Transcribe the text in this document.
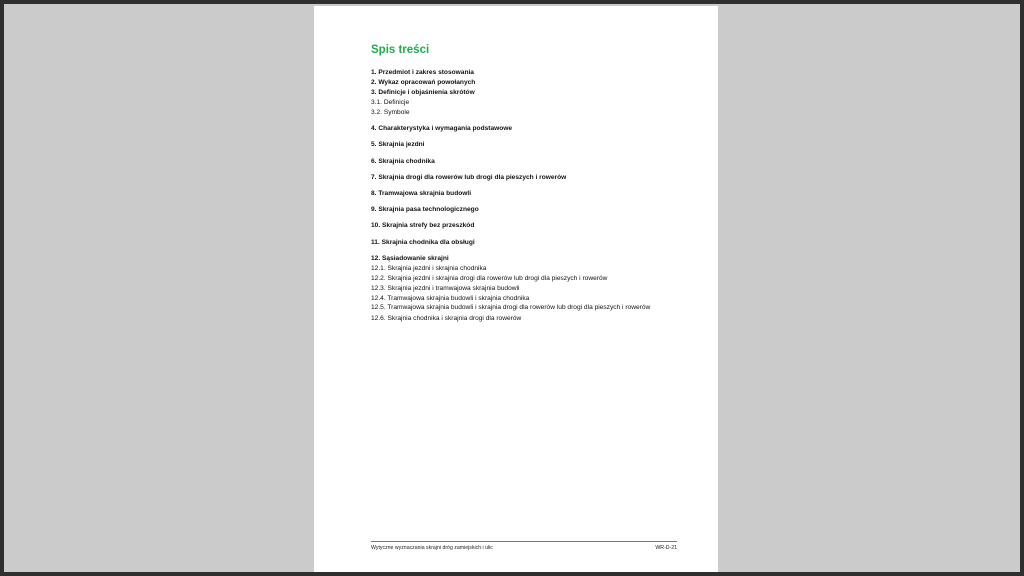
Spis treści
1. Przedmiot i zakres stosowania
2. Wykaz opracowań powołanych
3. Definicje i objaśnienia skrótów
3.1. Definicje
3.2. Symbole
4. Charakterystyka i wymagania podstawowe
5. Skrajnia jezdni
6. Skrajnia chodnika
7. Skrajnia drogi dla rowerów lub drogi dla pieszych i rowerów
8. Tramwajowa skrajnia budowli
9. Skrajnia pasa technologicznego
10. Skrajnia strefy bez przeszkód
11. Skrajnia chodnika dla obsługi
12. Sąsiadowanie skrajni
12.1. Skrajnia jezdni i skrajnia chodnika
12.2. Skrajnia jezdni i skrajnia drogi dla rowerów lub drogi dla pieszych i rowerów
12.3. Skrajnia jezdni i tramwajowa skrajnia budowli
12.4. Tramwajowa skrajnia budowli i skrajnia chodnika
12.5. Tramwajowa skrajnia budowli i skrajnia drogi dla rowerów lub drogi dla pieszych i rowerów
12.6. Skrajnia chodnika i skrajnia drogi dla rowerów
Wytyczne wyznaczania skrajni dróg zamiejskich i ulic	WR-D-21
